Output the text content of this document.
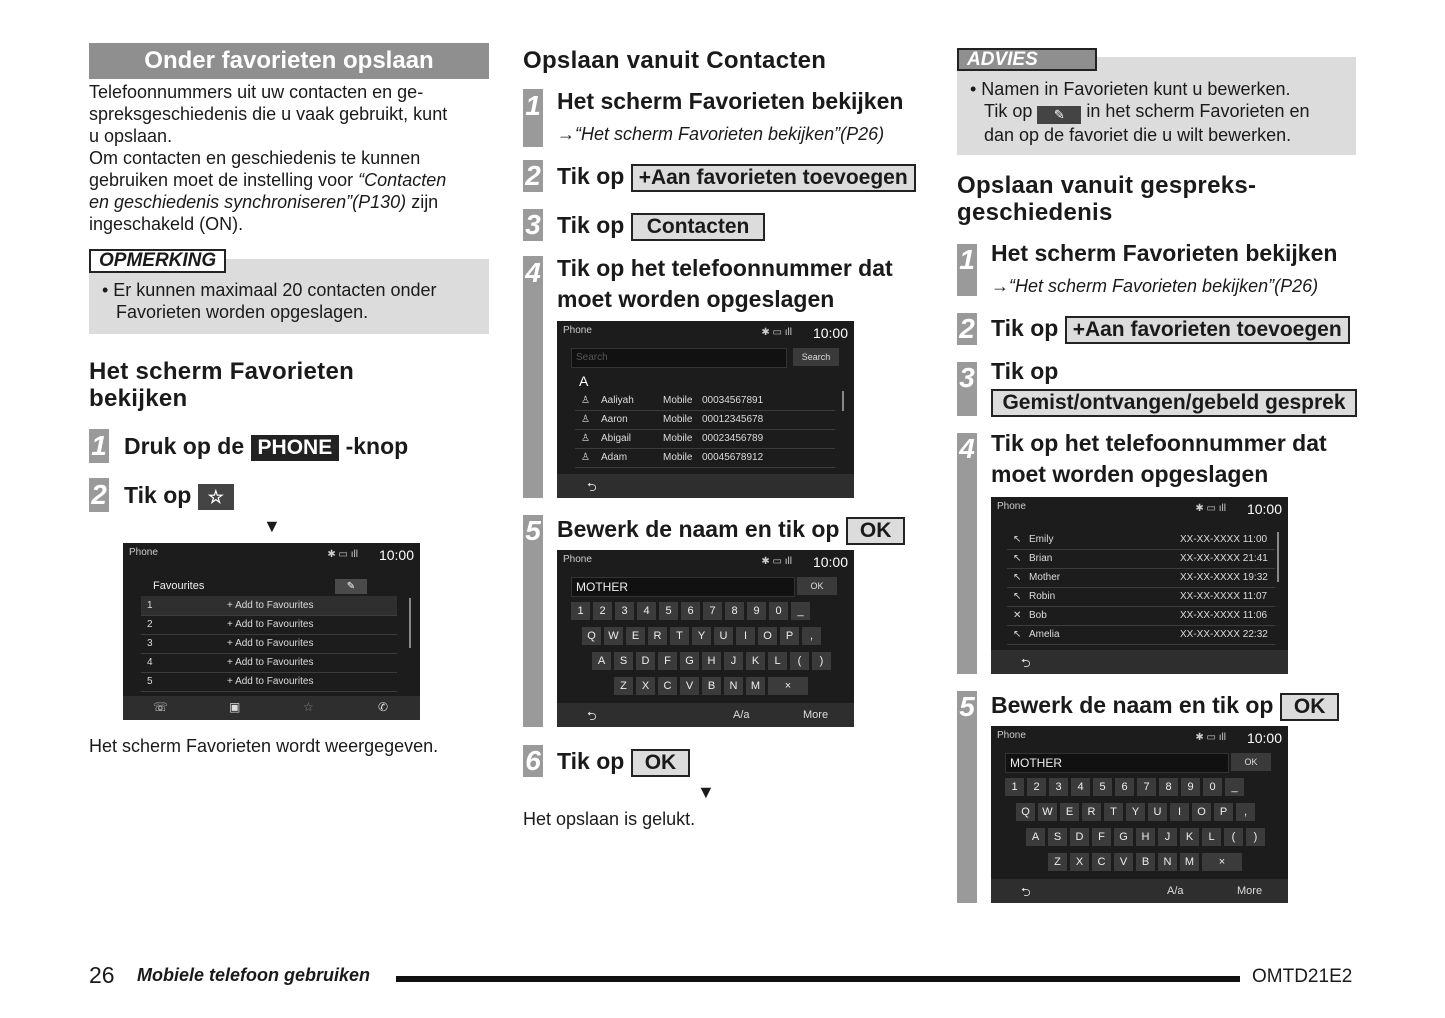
Onder favorieten opslaan
Telefoonnummers uit uw contacten en ge-
spreksgeschiedenis die u vaak gebruikt, kunt
u opslaan.
Om contacten en geschiedenis te kunnen
gebruiken moet de instelling voor “Contacten
en geschiedenis synchroniseren”(P130) zijn
ingeschakeld (ON).
OPMERKING
• Er kunnen maximaal 20 contacten onder
Favorieten worden opgeslagen.
Het scherm Favorieten
bekijken
1 Druk op de PHONE -knop
2 Tik op ☆
▼
Phone	✱ ▭ ıll 10:00
Favourites	✎
1	+ Add to Favourites
2	+ Add to Favourites
3	+ Add to Favourites
4	+ Add to Favourites
5	+ Add to Favourites
☏	▣	☆	✆
Het scherm Favorieten wordt weergegeven.
Opslaan vanuit Contacten
1 Het scherm Favorieten bekijken
→“Het scherm Favorieten bekijken”(P26)
2 Tik op +Aan favorieten toevoegen
3 Tik op Contacten
4 Tik op het telefoonnummer dat
moet worden opgeslagen
Phone	✱ ▭ ıll 10:00
Search	Search
A
♙ Aaliyah	Mobile 00034567891
♙ Aaron	Mobile 00012345678
♙ Abigail	Mobile 00023456789
♙ Adam	Mobile 00045678912
⮌
5 Bewerk de naam en tik op OK
Phone	✱ ▭ ıll 10:00
MOTHER	OK
1	2	3	4	5	6	7	8	9	0	_
Q	W	E	R	T	Y	U	I	O	P	,
A	S	D	F	G	H	J	K	L	(	)
Z	X	C	V	B	N	M	×
⮌	A/a	More
6 Tik op OK
▼
Het opslaan is gelukt.
ADVIES
• Namen in Favorieten kunt u bewerken.
Tik op ✎ in het scherm Favorieten en
dan op de favoriet die u wilt bewerken.
Opslaan vanuit gespreks-
geschiedenis
1 Het scherm Favorieten bekijken
→“Het scherm Favorieten bekijken”(P26)
2 Tik op +Aan favorieten toevoegen
3 Tik op
Gemist/ontvangen/gebeld gesprek
4 Tik op het telefoonnummer dat
moet worden opgeslagen
Phone	✱ ▭ ıll 10:00
↖ Emily	XX-XX-XXXX 11:00
↖ Brian	XX-XX-XXXX 21:41
↖ Mother	XX-XX-XXXX 19:32
↖ Robin	XX-XX-XXXX 11:07
✕ Bob	XX-XX-XXXX 11:06
↖ Amelia	XX-XX-XXXX 22:32
⮌
5 Bewerk de naam en tik op OK
Phone	✱ ▭ ıll 10:00
MOTHER	OK
1	2	3	4	5	6	7	8	9	0	_
Q	W	E	R	T	Y	U	I	O	P	,
A	S	D	F	G	H	J	K	L	(	)
Z	X	C	V	B	N	M	×
⮌	A/a	More
26 Mobiele telefoon gebruiken	OMTD21E2
